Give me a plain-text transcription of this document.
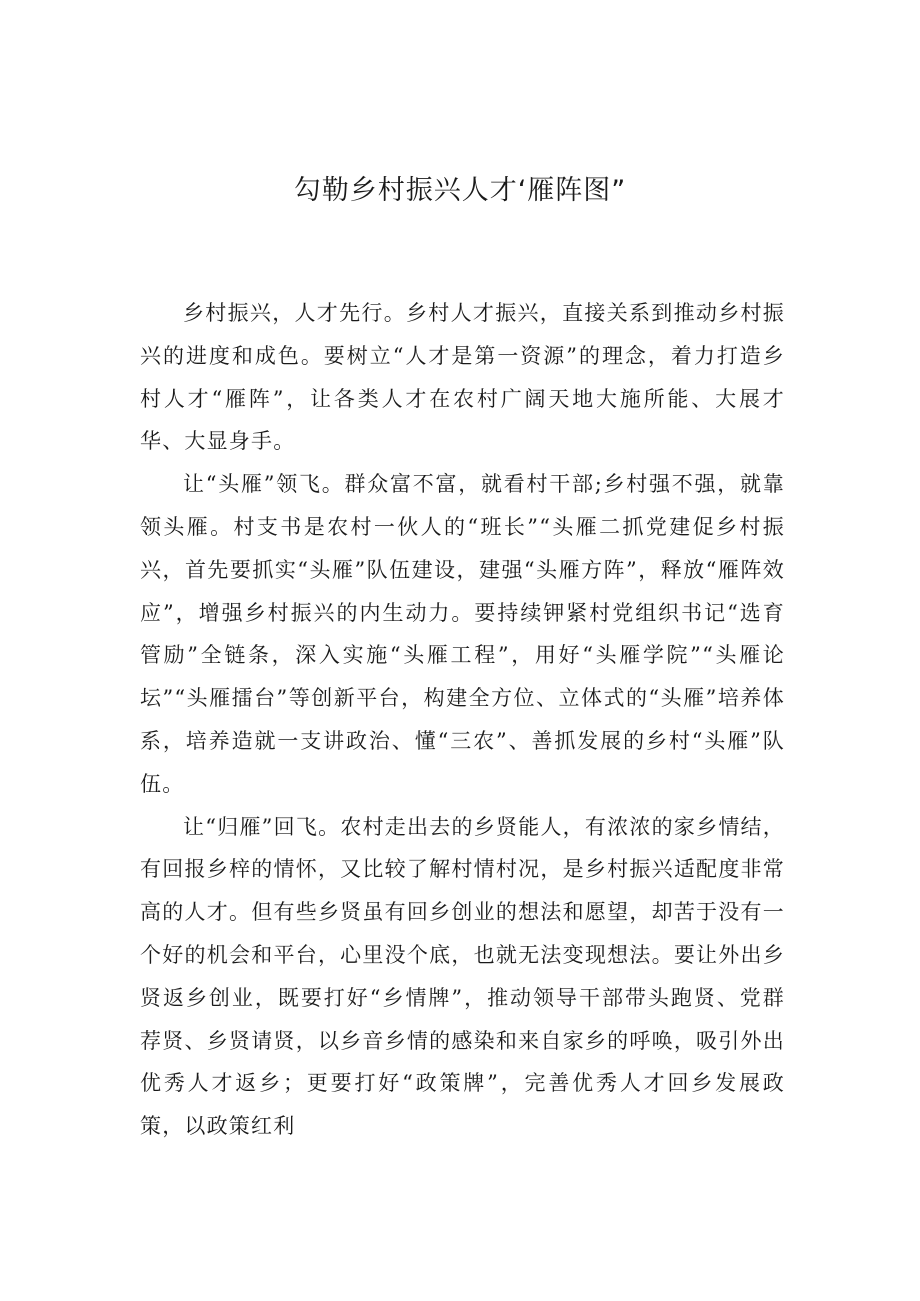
勾勒乡村振兴人才‘雁阵图”

乡村振兴，人才先行。乡村人才振兴，直接关系到推动乡村振兴的进度和成色。要树立“人才是第一资源”的理念，着力打造乡村人才“雁阵”，让各类人才在农村广阔天地大施所能、大展才华、大显身手。

让“头雁”领飞。群众富不富，就看村干部;乡村强不强，就靠领头雁。村支书是农村一伙人的“班长”“头雁二抓党建促乡村振兴，首先要抓实“头雁”队伍建设，建强“头雁方阵”，释放“雁阵效应”，增强乡村振兴的内生动力。要持续钾紧村党组织书记“选育管励”全链条，深入实施“头雁工程”，用好“头雁学院”“头雁论坛”“头雁擂台”等创新平台，构建全方位、立体式的“头雁”培养体系，培养造就一支讲政治、懂“三农”、善抓发展的乡村“头雁”队伍。

让“归雁”回飞。农村走出去的乡贤能人，有浓浓的家乡情结，有回报乡梓的情怀，又比较了解村情村况，是乡村振兴适配度非常高的人才。但有些乡贤虽有回乡创业的想法和愿望，却苦于没有一个好的机会和平台，心里没个底，也就无法变现想法。要让外出乡贤返乡创业，既要打好“乡情牌”，推动领导干部带头跑贤、党群荐贤、乡贤请贤，以乡音乡情的感染和来自家乡的呼唤，吸引外出优秀人才返乡；更要打好“政策牌”，完善优秀人才回乡发展政策，以政策红利
